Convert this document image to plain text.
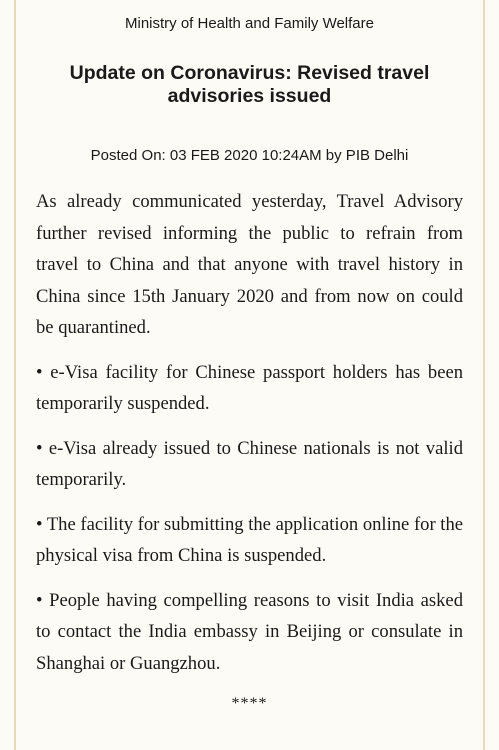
Ministry of Health and Family Welfare
Update on Coronavirus: Revised travel advisories issued
Posted On: 03 FEB 2020 10:24AM by PIB Delhi
As already communicated yesterday, Travel Advisory further revised informing the public to refrain from travel to China and that anyone with travel history in China since 15th January 2020 and from now on could be quarantined.
• e-Visa facility for Chinese passport holders has been temporarily suspended.
• e-Visa already issued to Chinese nationals is not valid temporarily.
• The facility for submitting the application online for the physical visa from China is suspended.
• People having compelling reasons to visit India asked to contact the India embassy in Beijing or consulate in Shanghai or Guangzhou.
****
